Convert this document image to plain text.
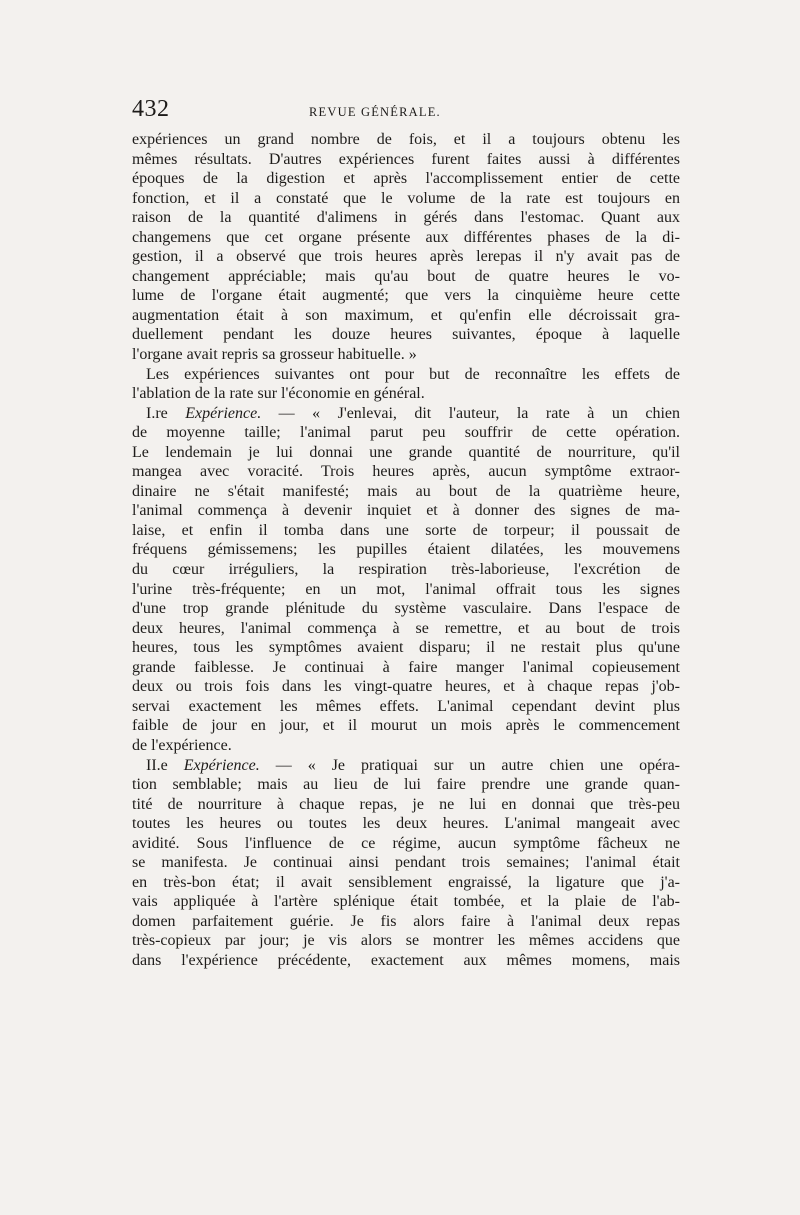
432	REVUE GÉNÉRALE.
expériences un grand nombre de fois, et il a toujours obtenu les
mêmes résultats. D'autres expériences furent faites aussi à différentes
époques de la digestion et après l'accomplissement entier de cette
fonction, et il a constaté que le volume de la rate est toujours en
raison de la quantité d'alimens in gérés dans l'estomac. Quant aux
changemens que cet organe présente aux différentes phases de la di-
gestion, il a observé que trois heures après lerepas il n'y avait pas de
changement appréciable; mais qu'au bout de quatre heures le vo-
lume de l'organe était augmenté; que vers la cinquième heure cette
augmentation était à son maximum, et qu'enfin elle décroissait gra-
duellement pendant les douze heures suivantes, époque à laquelle
l'organe avait repris sa grosseur habituelle. »
Les expériences suivantes ont pour but de reconnaître les effets de
l'ablation de la rate sur l'économie en général.
I.re Expérience. — « J'enlevai, dit l'auteur, la rate à un chien
de moyenne taille; l'animal parut peu souffrir de cette opération.
Le lendemain je lui donnai une grande quantité de nourriture, qu'il
mangea avec voracité. Trois heures après, aucun symptôme extraor-
dinaire ne s'était manifesté; mais au bout de la quatrième heure,
l'animal commença à devenir inquiet et à donner des signes de ma-
laise, et enfin il tomba dans une sorte de torpeur; il poussait de
fréquens gémissemens; les pupilles étaient dilatées, les mouvemens
du cœur irréguliers, la respiration très-laborieuse, l'excrétion de
l'urine très-fréquente; en un mot, l'animal offrait tous les signes
d'une trop grande plénitude du système vasculaire. Dans l'espace de
deux heures, l'animal commença à se remettre, et au bout de trois
heures, tous les symptômes avaient disparu; il ne restait plus qu'une
grande faiblesse. Je continuai à faire manger l'animal copieusement
deux ou trois fois dans les vingt-quatre heures, et à chaque repas j'ob-
servai exactement les mêmes effets. L'animal cependant devint plus
faible de jour en jour, et il mourut un mois après le commencement
de l'expérience.
II.e Expérience. — « Je pratiquai sur un autre chien une opéra-
tion semblable; mais au lieu de lui faire prendre une grande quan-
tité de nourriture à chaque repas, je ne lui en donnai que très-peu
toutes les heures ou toutes les deux heures. L'animal mangeait avec
avidité. Sous l'influence de ce régime, aucun symptôme fâcheux ne
se manifesta. Je continuai ainsi pendant trois semaines; l'animal était
en très-bon état; il avait sensiblement engraissé, la ligature que j'a-
vais appliquée à l'artère splénique était tombée, et la plaie de l'ab-
domen parfaitement guérie. Je fis alors faire à l'animal deux repas
très-copieux par jour; je vis alors se montrer les mêmes accidens que
dans l'expérience précédente, exactement aux mêmes momens, mais
